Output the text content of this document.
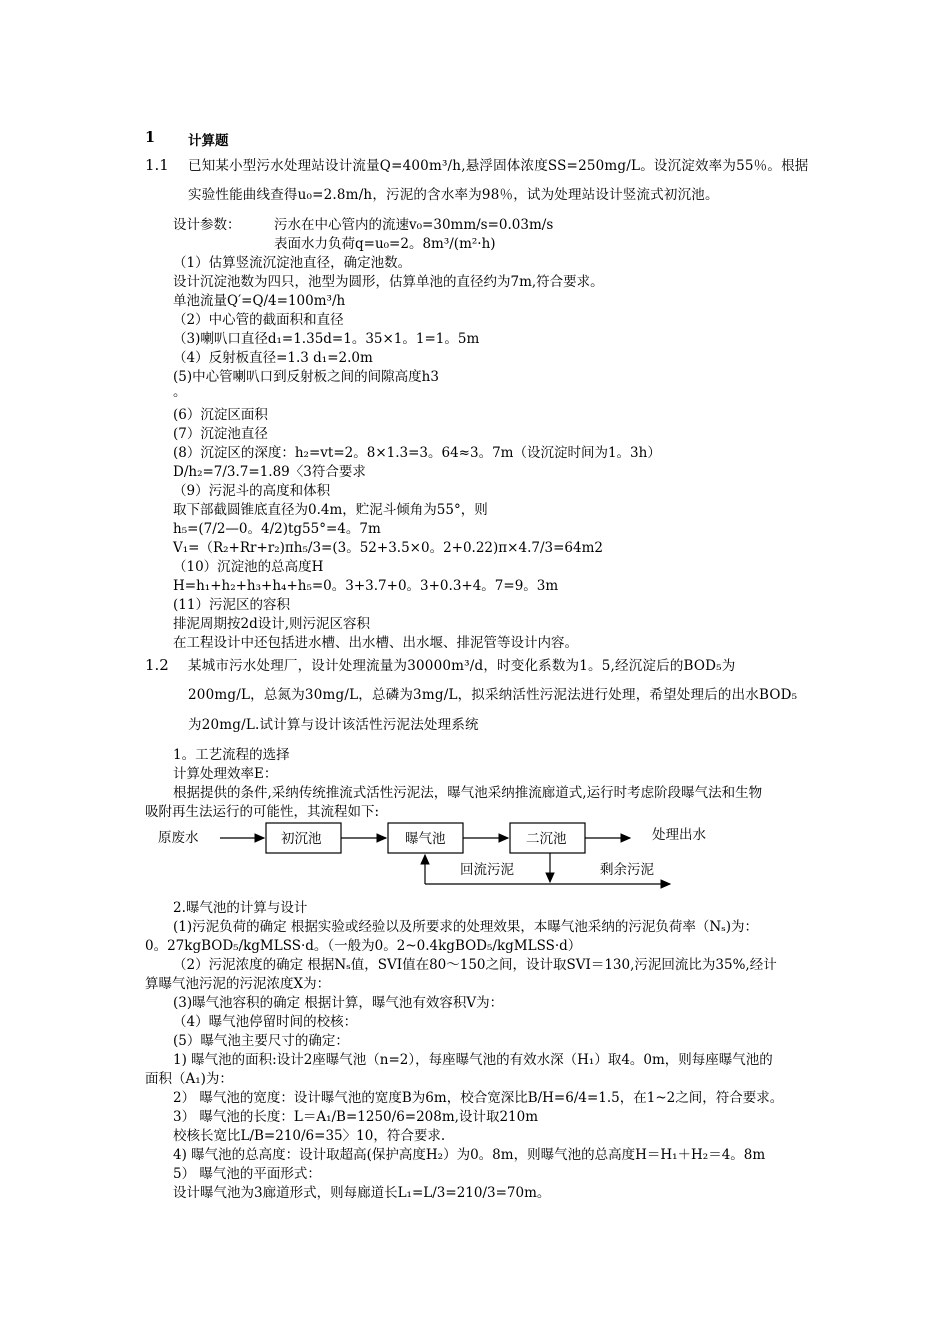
1 计算题
1.1 已知某小型污水处理站设计流量Q=400m³/h,悬浮固体浓度SS=250mg/L。设沉淀效率为55％。根据
实验性能曲线查得u₀=2.8m/h，污泥的含水率为98％，试为处理站设计竖流式初沉池。
设计参数： 污水在中心管内的流速v₀=30mm/s=0.03m/s
表面水力负荷q=u₀=2。8m³/(m²·h)
（1）估算竖流沉淀池直径，确定池数。
设计沉淀池数为四只，池型为圆形，估算单池的直径约为7m,符合要求。
单池流量Q′=Q/4=100m³/h
（2）中心管的截面积和直径
（3)喇叭口直径d₁=1.35d=1。35×1。1=1。5m
（4）反射板直径=1.3 d₁=2.0m
(5)中心管喇叭口到反射板之间的间隙高度h3
。
(6）沉淀区面积
(7）沉淀池直径
(8）沉淀区的深度：h₂=vt=2。8×1.3=3。64≈3。7m（设沉淀时间为1。3h）
D/h₂=7/3.7=1.89〈3符合要求
（9）污泥斗的高度和体积
取下部截圆锥底直径为0.4m，贮泥斗倾角为55°，则
h₅=(7/2—0。4/2)tg55°=4。7m
V₁=（R₂+Rr+r₂)πh₅/3=(3。52+3.5×0。2+0.22)π×4.7/3=64m2
（10）沉淀池的总高度H
H=h₁+h₂+h₃+h₄+h₅=0。3+3.7+0。3+0.3+4。7=9。3m
(11）污泥区的容积
排泥周期按2d设计,则污泥区容积
在工程设计中还包括进水槽、出水槽、出水堰、排泥管等设计内容。
1.2 某城市污水处理厂，设计处理流量为30000m³/d，时变化系数为1。5,经沉淀后的BOD₅为
200mg/L，总氮为30mg/L，总磷为3mg/L，拟采纳活性污泥法进行处理，希望处理后的出水BOD₅
为20mg/L.试计算与设计该活性污泥法处理系统
1。工艺流程的选择
计算处理效率E：
根据提供的条件,采纳传统推流式活性污泥法，曝气池采纳推流廊道式,运行时考虑阶段曝气法和生物
吸附再生法运行的可能性，其流程如下:
原废水	初沉池	曝气池	二沉池	处理出水
回流污泥	剩余污泥
2.曝气池的计算与设计
(1)污泥负荷的确定 根据实验或经验以及所要求的处理效果，本曝气池采纳的污泥负荷率（Nₛ)为：
0。27kgBOD₅/kgMLSS·d。（一般为0。2~0.4kgBOD₅/kgMLSS·d）
（2）污泥浓度的确定 根据Nₛ值，SVI值在80～150之间，设计取SVI＝130,污泥回流比为35%,经计
算曝气池污泥的污泥浓度X为：
(3)曝气池容积的确定 根据计算，曝气池有效容积V为：
（4）曝气池停留时间的校核：
(5）曝气池主要尺寸的确定：
1) 曝气池的面积:设计2座曝气池（n=2），每座曝气池的有效水深（H₁）取4。0m，则每座曝气池的
面积（A₁)为：
2） 曝气池的宽度：设计曝气池的宽度B为6m，校合宽深比B/H=6/4=1.5，在1~2之间，符合要求。
3） 曝气池的长度：L＝A₁/B=1250/6=208m,设计取210m
校核长宽比L/B=210/6=35〉10，符合要求.
4) 曝气池的总高度：设计取超高(保护高度H₂）为0。8m，则曝气池的总高度H＝H₁＋H₂＝4。8m
5） 曝气池的平面形式：
设计曝气池为3廊道形式，则每廊道长L₁=L/3=210/3=70m。
